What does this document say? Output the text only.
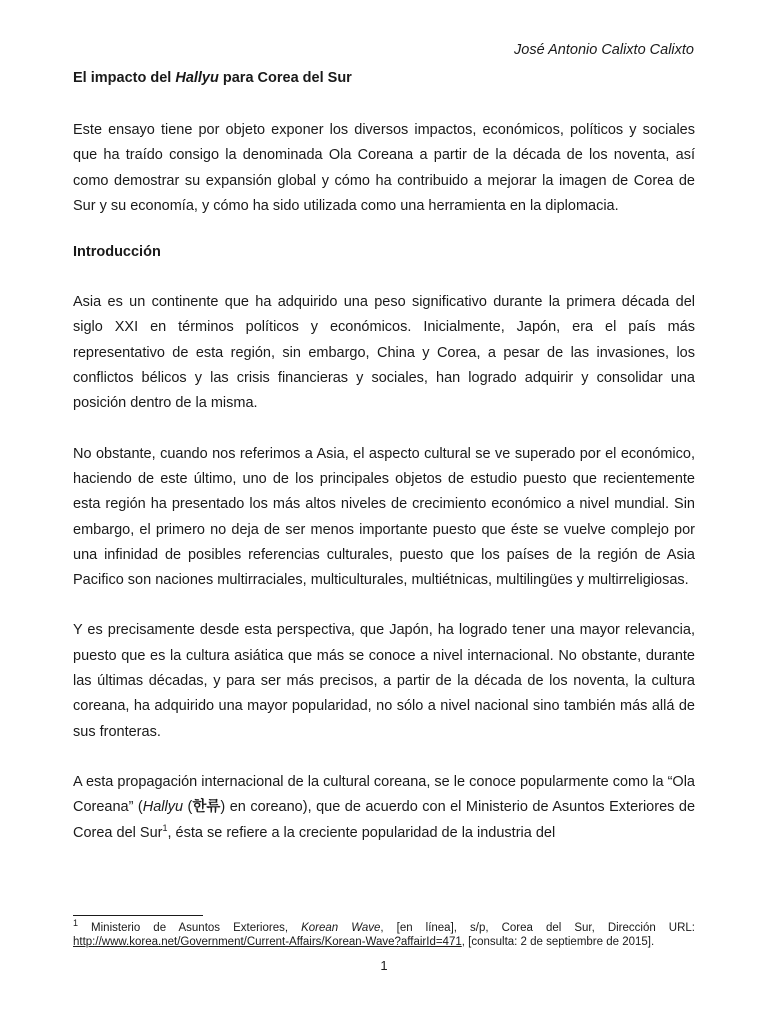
José Antonio Calixto Calixto
El impacto del Hallyu para Corea del Sur

Este ensayo tiene por objeto exponer los diversos impactos, económicos, políticos y sociales que ha traído consigo la denominada Ola Coreana a partir de la década de los noventa, así como demostrar su expansión global y cómo ha contribuido a mejorar la imagen de Corea de Sur y su economía, y cómo ha sido utilizada como una herramienta en la diplomacia.

Introducción

Asia es un continente que ha adquirido una peso significativo durante la primera década del siglo XXI en términos políticos y económicos. Inicialmente, Japón, era el país más representativo de esta región, sin embargo, China y Corea, a pesar de las invasiones, los conflictos bélicos y las crisis financieras y sociales, han logrado adquirir y consolidar una posición dentro de la misma.

No obstante, cuando nos referimos a Asia, el aspecto cultural se ve superado por el económico, haciendo de este último, uno de los principales objetos de estudio puesto que recientemente esta región ha presentado los más altos niveles de crecimiento económico a nivel mundial. Sin embargo, el primero no deja de ser menos importante puesto que éste se vuelve complejo por una infinidad de posibles referencias culturales, puesto que los países de la región de Asia Pacifico son naciones multirraciales, multiculturales, multiétnicas, multilingües y multirreligiosas.

Y es precisamente desde esta perspectiva, que Japón, ha logrado tener una mayor relevancia, puesto que es la cultura asiática que más se conoce a nivel internacional. No obstante, durante las últimas décadas, y para ser más precisos, a partir de la década de los noventa, la cultura coreana, ha adquirido una mayor popularidad, no sólo a nivel nacional sino también más allá de sus fronteras.

A esta propagación internacional de la cultural coreana, se le conoce popularmente como la “Ola Coreana” (Hallyu (한류) en coreano), que de acuerdo con el Ministerio de Asuntos Exteriores de Corea del Sur$^1$, ésta se refiere a la creciente popularidad de la industria del

$^1$ Ministerio de Asuntos Exteriores, Korean Wave, [en línea], s/p, Corea del Sur, Dirección URL: http://www.korea.net/Government/Current-Affairs/Korean-Wave?affairId=471, [consulta: 2 de septiembre de 2015].
1
